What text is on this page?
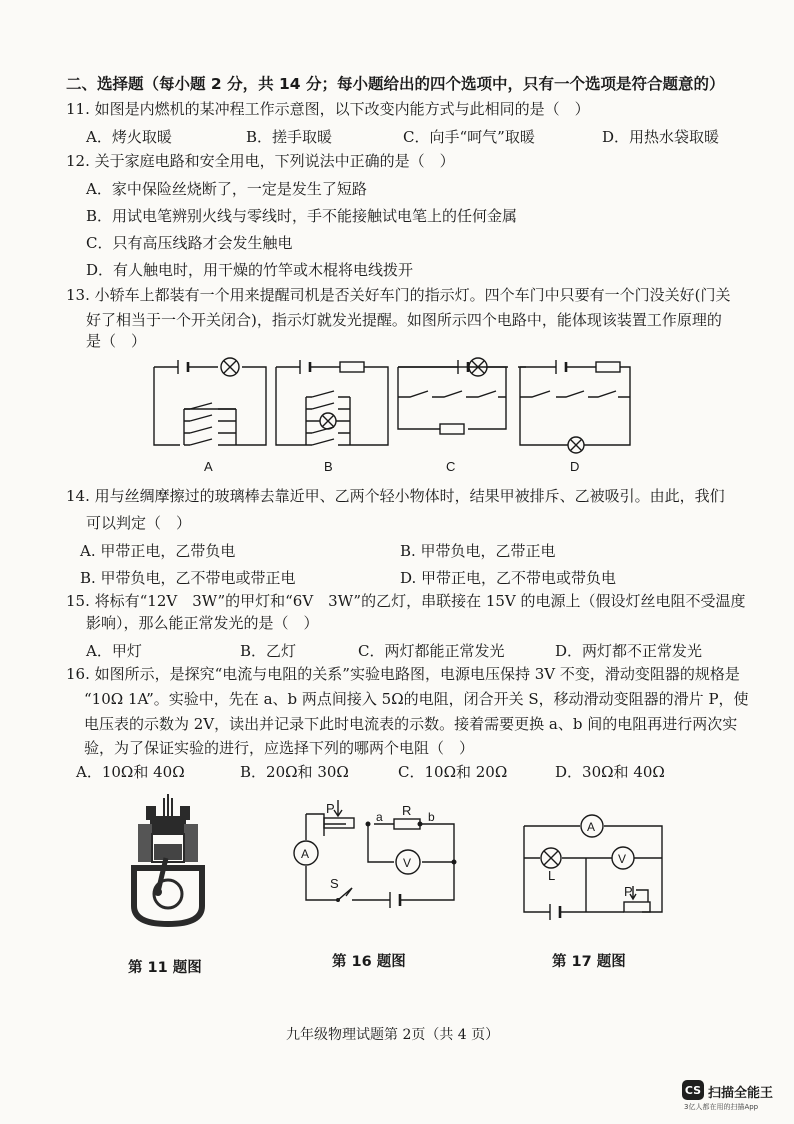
二、选择题（每小题 2 分，共 14 分；每小题给出的四个选项中，只有一个选项是符合题意的）
11. 如图是内燃机的某冲程工作示意图，以下改变内能方式与此相同的是（　）
A．烤火取暖	B．搓手取暖	C．向手“呵气”取暖	D．用热水袋取暖
12. 关于家庭电路和安全用电，下列说法中正确的是（　）
A．家中保险丝烧断了，一定是发生了短路
B．用试电笔辨别火线与零线时，手不能接触试电笔上的任何金属
C．只有高压线路才会发生触电
D．有人触电时，用干燥的竹竿或木棍将电线拨开
13. 小轿车上都装有一个用来提醒司机是否关好车门的指示灯。四个车门中只要有一个门没关好(门关
好了相当于一个开关闭合)，指示灯就发光提醒。如图所示四个电路中，能体现该装置工作原理的
是（　）
A	B	C	D
14. 用与丝绸摩擦过的玻璃棒去靠近甲、乙两个轻小物体时，结果甲被排斥、乙被吸引。由此，我们
可以判定（　）
A. 甲带正电，乙带负电	B. 甲带负电，乙带正电
B. 甲带负电，乙不带电或带正电	D. 甲带正电，乙不带电或带负电
15. 将标有“12V　3W”的甲灯和“6V　3W”的乙灯，串联接在 15V 的电源上（假设灯丝电阻不受温度
影响），那么能正常发光的是（　）
A．甲灯	B．乙灯	C．两灯都能正常发光	D．两灯都不正常发光
16. 如图所示，是探究“电流与电阻的关系”实验电路图，电源电压保持 3V 不变，滑动变阻器的规格是
“10Ω 1A”。实验中，先在 a、b 两点间接入 5Ω的电阻，闭合开关 S，移动滑动变阻器的滑片 P，使
电压表的示数为 2V，读出并记录下此时电流表的示数。接着需要更换 a、b 间的电阻再进行两次实
验，为了保证实验的进行，应选择下列的哪两个电阻（　）
A．10Ω和 40Ω	B．20Ω和 30Ω	C．10Ω和 20Ω	D．30Ω和 40Ω
P
a R b
A
V
S
A
V
L
P
第 11 题图	第 16 题图	第 17 题图
九年级物理试题第 2页（共 4 页）
CS 扫描全能王
3亿人都在用的扫描App
